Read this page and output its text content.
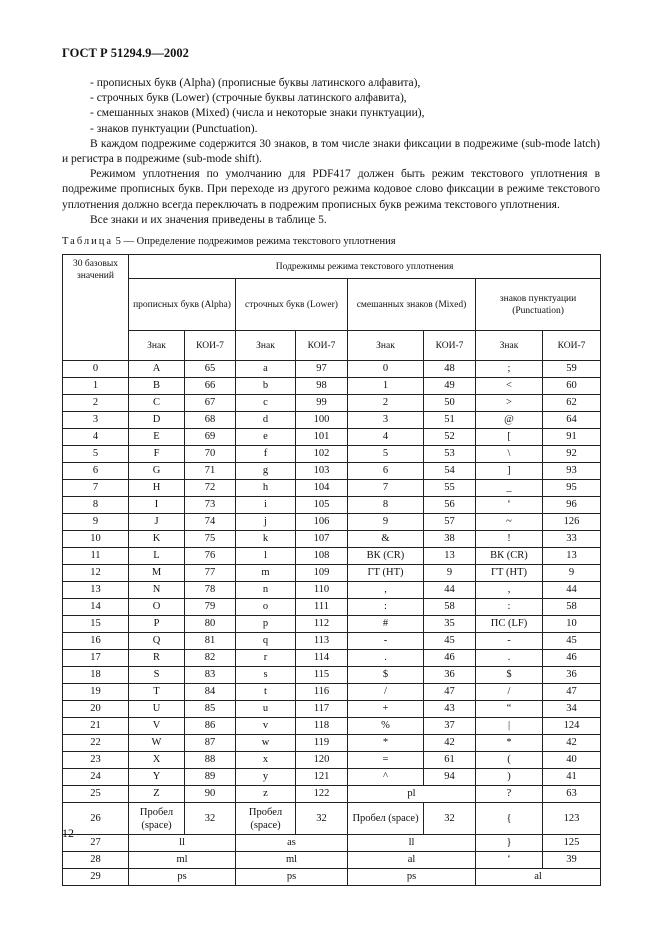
ГОСТ Р 51294.9—2002

- прописных букв (Alpha) (прописные буквы латинского алфавита),

- строчных букв (Lower) (строчные буквы латинского алфавита),

- смешанных знаков (Mixed) (числа и некоторые знаки пунктуации),

- знаков пунктуации (Punctuation).

В каждом подрежиме содержится 30 знаков, в том числе знаки фиксации в подрежиме (sub-mode latch) и регистра в подрежиме (sub-mode shift).

Режимом уплотнения по умолчанию для PDF417 должен быть режим текстового уплотнения в подрежиме прописных букв. При переходе из другого режима кодовое слово фиксации в режиме текстового уплотнения должно всегда переключать в подрежим прописных букв режима текстового уплотнения.

Все знаки и их значения приведены в таблице 5.

Таблица 5 — Определение подрежимов режима текстового уплотнения
30 базовых значений	Подрежимы режима текстового уплотнения							
	прописных букв (Alpha)		строчных букв (Lower)		смешанных знаков (Mixed)		знаков пунктуации (Punctuation)	
	Знак	КОИ-7	Знак	КОИ-7	Знак	КОИ-7	Знак	КОИ-7
0	A	65	a	97	0	48	;	59
1	B	66	b	98	1	49	<	60
2	C	67	c	99	2	50	>	62
3	D	68	d	100	3	51	@	64
4	E	69	e	101	4	52	[	91
5	F	70	f	102	5	53	\	92
6	G	71	g	103	6	54	]	93
7	H	72	h	104	7	55	_	95
8	I	73	i	105	8	56	‘	96
9	J	74	j	106	9	57	~	126
10	K	75	k	107	&	38	!	33
11	L	76	l	108	ВК (CR)	13	ВК (CR)	13
12	M	77	m	109	ГТ (НТ)	9	ГТ (НТ)	9
13	N	78	n	110	,	44	,	44
14	O	79	o	111	:	58	:	58
15	P	80	p	112	#	35	ПС (LF)	10
16	Q	81	q	113	-	45	-	45
17	R	82	r	114	.	46	.	46
18	S	83	s	115	$	36	$	36
19	T	84	t	116	/	47	/	47
20	U	85	u	117	+	43	“	34
21	V	86	v	118	%	37	|	124
22	W	87	w	119	*	42	*	42
23	X	88	x	120	=	61	(	40
24	Y	89	y	121	^	94	)	41
25	Z	90	z	122	pl		?	63
26	Пробел (space)	32	Пробел (space)	32	Пробел (space)	32	{	123
27	ll		as		ll		}	125
28	ml		ml		al		‘	39
29	ps		ps		ps		al	
12
